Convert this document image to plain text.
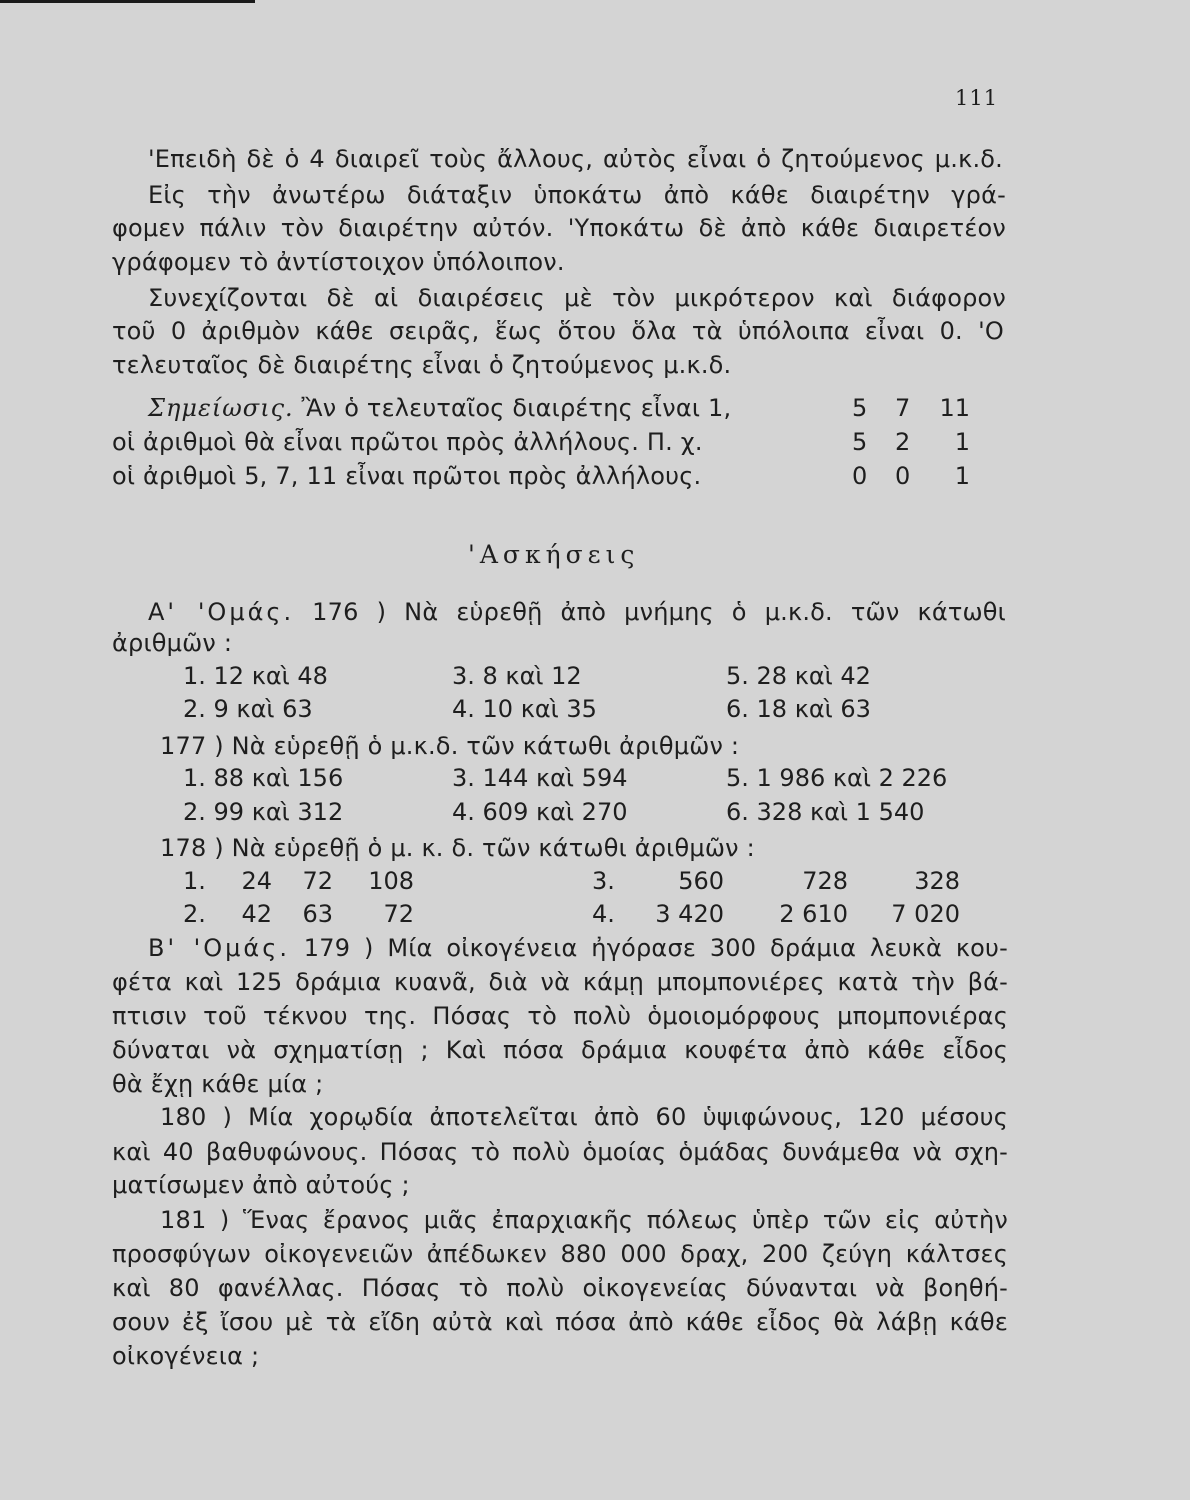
111
'Επειδὴ δὲ ὁ 4 διαιρεῖ τοὺς ἄλλους, αὐτὸς εἶναι ὁ ζητούμενος μ.κ.δ.
Εἰς τὴν ἀνωτέρω διάταξιν ὑποκάτω ἀπὸ κάθε διαιρέτην γρά-
φομεν πάλιν τὸν διαιρέτην αὐτόν. 'Υποκάτω δὲ ἀπὸ κάθε διαιρετέον
γράφομεν τὸ ἀντίστοιχον ὑπόλοιπον.
Συνεχίζονται δὲ αἱ διαιρέσεις μὲ τὸν μικρότερον καὶ διάφορον
τοῦ 0 ἀριθμὸν κάθε σειρᾶς, ἕως ὅτου ὅλα τὰ ὑπόλοιπα εἶναι 0. 'Ο
τελευταῖος δὲ διαιρέτης εἶναι ὁ ζητούμενος μ.κ.δ.
Σημείωσις. Ἂν ὁ τελευταῖος διαιρέτης εἶναι 1,
οἱ ἀριθμοὶ θὰ εἶναι πρῶτοι πρὸς ἀλλήλους. Π. χ.
οἱ ἀριθμοὶ 5, 7, 11 εἶναι πρῶτοι πρὸς ἀλλήλους.
5 7	11
5 2	1
0 0	1
'Ασκήσεις
Α' 'Ομάς. 176 ) Νὰ εὑρεθῇ ἀπὸ μνήμης ὁ μ.κ.δ. τῶν κάτωθι
ἀριθμῶν :
1. 12 καὶ 48	3. 8 καὶ 12	5. 28 καὶ 42
2. 9 καὶ 63	4. 10 καὶ 35	6. 18 καὶ 63
177 ) Νὰ εὑρεθῇ ὁ μ.κ.δ. τῶν κάτωθι ἀριθμῶν :
1. 88 καὶ 156	3. 144 καὶ 594	5. 1 986 καὶ 2 226
2. 99 καὶ 312	4. 609 καὶ 270	6. 328 καὶ 1 540
178 ) Νὰ εὑρεθῇ ὁ μ. κ. δ. τῶν κάτωθι ἀριθμῶν :
1.	24	72	108	3.	560	728	328
2.	42	63	72	4.	3 420	2 610	7 020
Β' 'Ομάς. 179 ) Μία οἰκογένεια ἠγόρασε 300 δράμια λευκὰ κου-
φέτα καὶ 125 δράμια κυανᾶ, διὰ νὰ κάμῃ μπομπονιέρες κατὰ τὴν βά-
πτισιν τοῦ τέκνου της. Πόσας τὸ πολὺ ὁμοιομόρφους μπομπονιέρας
δύναται νὰ σχηματίσῃ ; Καὶ πόσα δράμια κουφέτα ἀπὸ κάθε εἶδος
θὰ ἔχῃ κάθε μία ;
180 ) Μία χορῳδία ἀποτελεῖται ἀπὸ 60 ὑψιφώνους, 120 μέσους
καὶ 40 βαθυφώνους. Πόσας τὸ πολὺ ὁμοίας ὁμάδας δυνάμεθα νὰ σχη-
ματίσωμεν ἀπὸ αὐτούς ;
181 ) Ἕνας ἔρανος μιᾶς ἐπαρχιακῆς πόλεως ὑπὲρ τῶν εἰς αὐτὴν
προσφύγων οἰκογενειῶν ἀπέδωκεν 880 000 δραχ, 200 ζεύγη κάλτσες
καὶ 80 φανέλλας. Πόσας τὸ πολὺ οἰκογενείας δύνανται νὰ βοηθή-
σουν ἐξ ἴσου μὲ τὰ εἴδη αὐτὰ καὶ πόσα ἀπὸ κάθε εἶδος θὰ λάβῃ κάθε
οἰκογένεια ;
